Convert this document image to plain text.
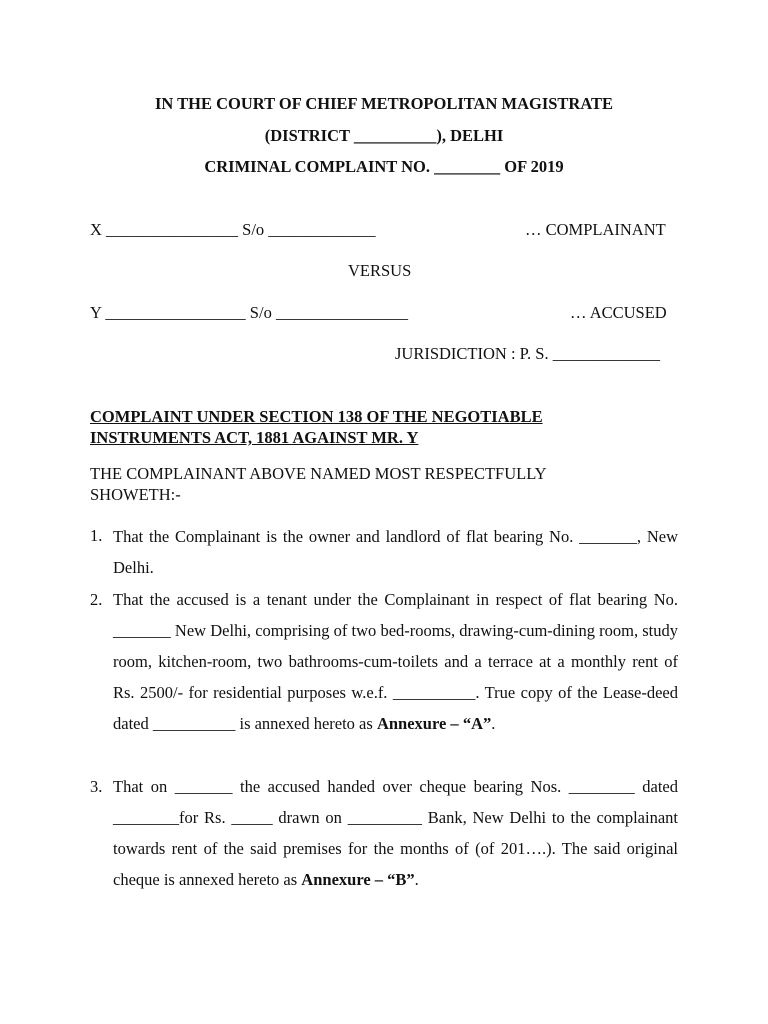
IN THE COURT OF CHIEF METROPOLITAN MAGISTRATE
(DISTRICT __________), DELHI
CRIMINAL COMPLAINT NO. ________ OF 2019
X ________________ S/o _____________	… COMPLAINANT
VERSUS
Y _________________ S/o ________________	… ACCUSED
JURISDICTION : P. S. _____________
COMPLAINT UNDER SECTION 138 OF THE NEGOTIABLE
INSTRUMENTS ACT, 1881 AGAINST MR. Y
THE COMPLAINANT ABOVE NAMED MOST RESPECTFULLY
SHOWETH:-
1. That the Complainant is the owner and landlord of flat bearing No. _______, New Delhi.
2. That the accused is a tenant under the Complainant in respect of flat bearing No. _______ New Delhi, comprising of two bed-rooms, drawing-cum-dining room, study room, kitchen-room, two bathrooms-cum-toilets and a terrace at a monthly rent of Rs. 2500/- for residential purposes w.e.f. __________. True copy of the Lease-deed dated __________ is annexed hereto as Annexure – “A”.
3. That on _______ the accused handed over cheque bearing Nos. ________ dated ________for Rs. _____ drawn on _________ Bank, New Delhi to the complainant towards rent of the said premises for the months of (of 201….). The said original cheque is annexed hereto as Annexure – “B”.
